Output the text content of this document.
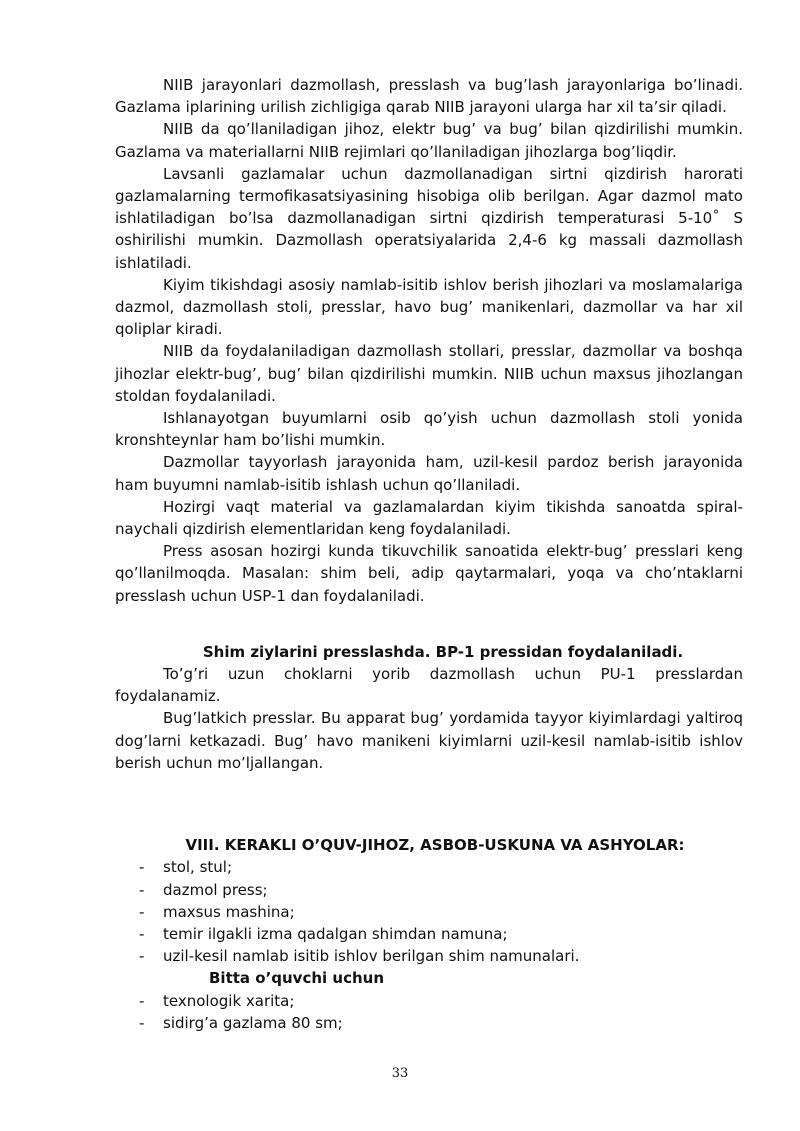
NIIB jarayonlari dazmollash, presslash va bug’lash jarayonlariga bo’linadi. Gazlama iplarining urilish zichligiga qarab NIIB jarayoni ularga har xil ta’sir qiladi.

NIIB da qo’llaniladigan jihoz, elektr bug’ va bug’ bilan qizdirilishi mumkin. Gazlama va materiallarni NIIB rejimlari qo’llaniladigan jihozlarga bog’liqdir.

Lavsanli gazlamalar uchun dazmollanadigan sirtni qizdirish harorati gazlamalarning termofikasatsiyasining hisobiga olib berilgan. Agar dazmol mato ishlatiladigan bo’lsa dazmollanadigan sirtni qizdirish temperaturasi 5-10˚ S oshirilishi mumkin. Dazmollash operatsiyalarida 2,4-6 kg massali dazmollash ishlatiladi.

Kiyim tikishdagi asosiy namlab-isitib ishlov berish jihozlari va moslamalariga dazmol, dazmollash stoli, presslar, havo bug’ manikenlari, dazmollar va har xil qoliplar kiradi.

NIIB da foydalaniladigan dazmollash stollari, presslar, dazmollar va boshqa jihozlar elektr-bug’, bug’ bilan qizdirilishi mumkin. NIIB uchun maxsus jihozlangan stoldan foydalaniladi.

Ishlanayotgan buyumlarni osib qo’yish uchun dazmollash stoli yonida kronshteynlar ham bo’lishi mumkin.

Dazmollar tayyorlash jarayonida ham, uzil-kesil pardoz berish jarayonida ham buyumni namlab-isitib ishlash uchun qo’llaniladi.

Hozirgi vaqt material va gazlamalardan kiyim tikishda sanoatda spiral-naychali qizdirish elementlaridan keng foydalaniladi.

Press asosan hozirgi kunda tikuvchilik sanoatida elektr-bug’ presslari keng qo’llanilmoqda. Masalan: shim beli, adip qaytarmalari, yoqa va cho’ntaklarni presslash uchun USP-1 dan foydalaniladi.

Shim ziylarini presslashda. BP-1 pressidan foydalaniladi.

To’g’ri uzun choklarni yorib dazmollash uchun PU-1 presslardan foydalanamiz.

Bug’latkich presslar. Bu apparat bug’ yordamida tayyor kiyimlardagi yaltiroq dog’larni ketkazadi. Bug’ havo manikeni kiyimlarni uzil-kesil namlab-isitib ishlov berish uchun mo’ljallangan.

VIII. KERAKLI O’QUV-JIHOZ, ASBOB-USKUNA VA ASHYOLAR:

- stol, stul;
- dazmol press;
- maxsus mashina;
- temir ilgakli izma qadalgan shimdan namuna;
- uzil-kesil namlab isitib ishlov berilgan shim namunalari.

Bitta o’quvchi uchun

- texnologik xarita;
- sidirg’a gazlama 80 sm;
33
